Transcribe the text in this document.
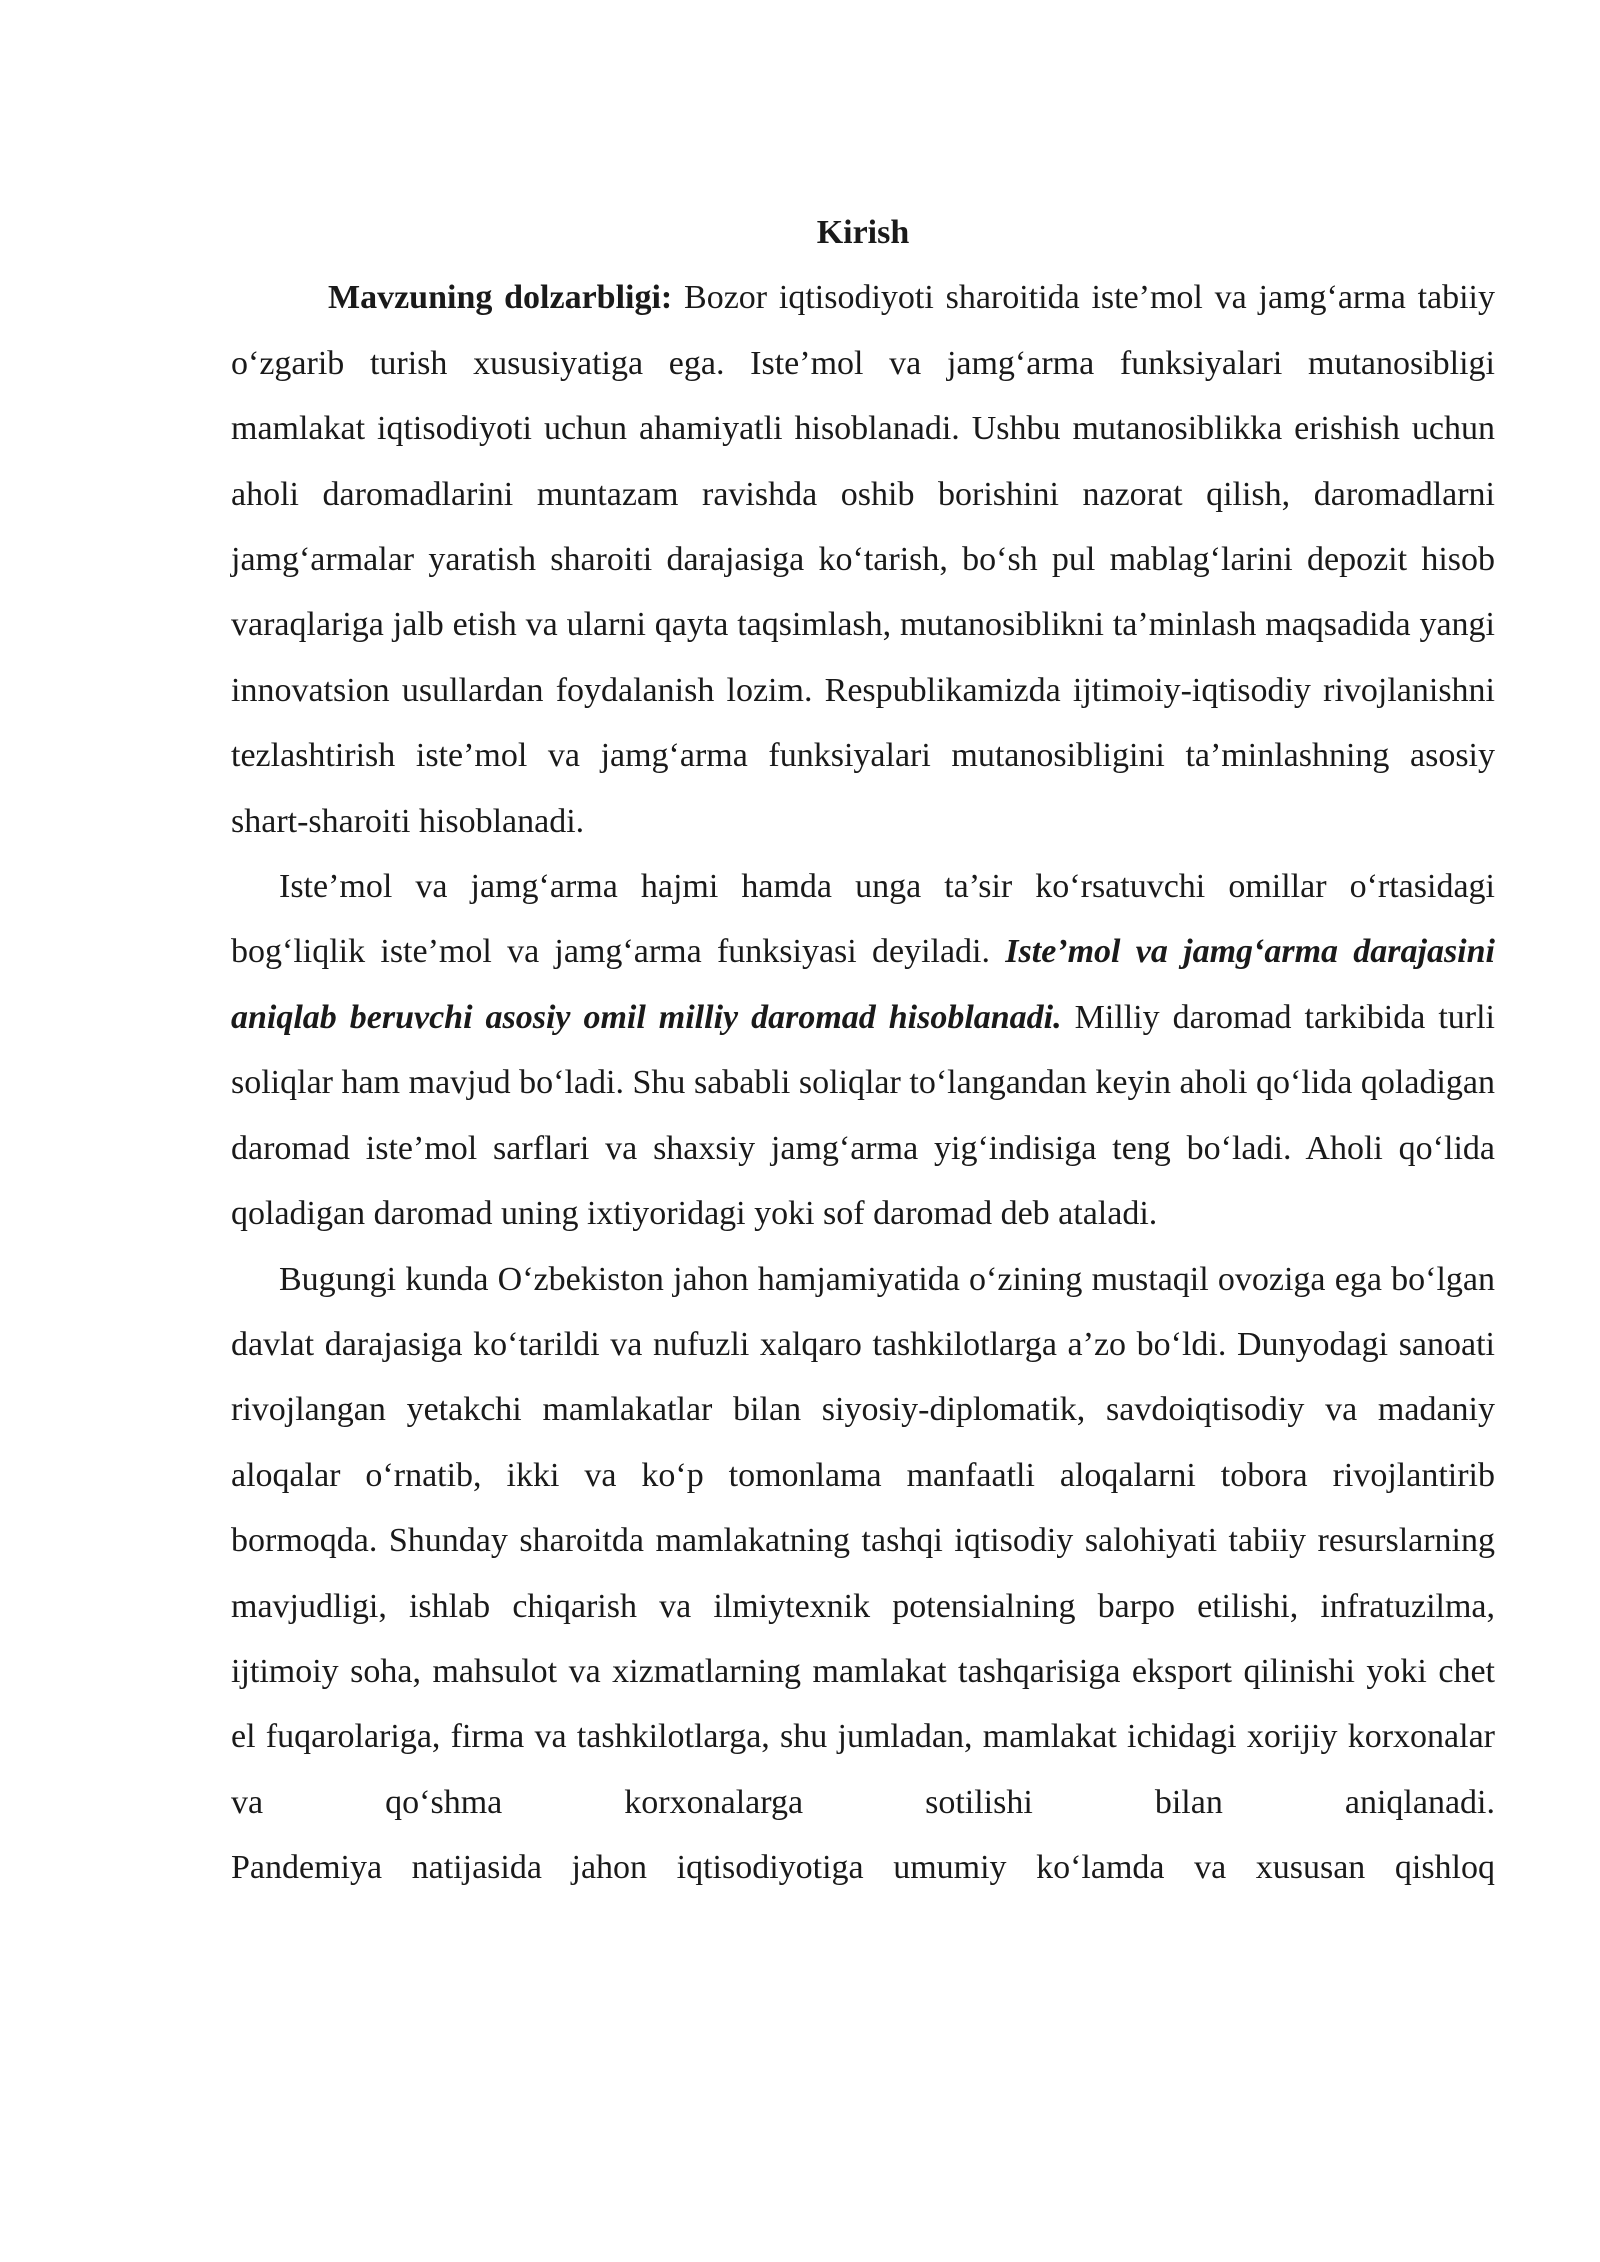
Kirish

Mavzuning dolzarbligi: Bozor iqtisodiyoti sharoitida iste’mol va jamg‘arma tabiiy o‘zgarib turish xususiyatiga ega. Iste’mol va jamg‘arma funksiyalari mutanosibligi mamlakat iqtisodiyoti uchun ahamiyatli hisoblanadi. Ushbu mutanosiblikka erishish uchun aholi daromadlarini muntazam ravishda oshib borishini nazorat qilish, daromadlarni jamg‘armalar yaratish sharoiti darajasiga ko‘tarish, bo‘sh pul mablag‘larini depozit hisob varaqlariga jalb etish va ularni qayta taqsimlash, mutanosiblikni ta’minlash maqsadida yangi innovatsion usullardan foydalanish lozim. Respublikamizda ijtimoiy-iqtisodiy rivojlanishni tezlashtirish iste’mol va jamg‘arma funksiyalari mutanosibligini ta’minlashning asosiy shart-sharoiti hisoblanadi.

Iste’mol va jamg‘arma hajmi hamda unga ta’sir ko‘rsatuvchi omillar o‘rtasidagi bog‘liqlik iste’mol va jamg‘arma funksiyasi deyiladi. Iste’mol va jamg‘arma darajasini aniqlab beruvchi asosiy omil milliy daromad hisoblanadi. Milliy daromad tarkibida turli soliqlar ham mavjud bo‘ladi. Shu sababli soliqlar to‘langandan keyin aholi qo‘lida qoladigan daromad iste’mol sarflari va shaxsiy jamg‘arma yig‘indisiga teng bo‘ladi. Aholi qo‘lida qoladigan daromad uning ixtiyoridagi yoki sof daromad deb ataladi.

Bugungi kunda O‘zbekiston jahon hamjamiyatida o‘zining mustaqil ovoziga ega bo‘lgan davlat darajasiga ko‘tarildi va nufuzli xalqaro tashkilotlarga a’zo bo‘ldi. Dunyodagi sanoati rivojlangan yetakchi mamlakatlar bilan siyosiy-diplomatik, savdoiqtisodiy va madaniy aloqalar o‘rnatib, ikki va ko‘p tomonlama manfaatli aloqalarni tobora rivojlantirib bormoqda. Shunday sharoitda mamlakatning tashqi iqtisodiy salohiyati tabiiy resurslarning mavjudligi, ishlab chiqarish va ilmiytexnik potensialning barpo etilishi, infratuzilma, ijtimoiy soha, mahsulot va xizmatlarning mamlakat tashqarisiga eksport qilinishi yoki chet el fuqarolariga, firma va tashkilotlarga, shu jumladan, mamlakat ichidagi xorijiy korxonalar va qo‘shma korxonalarga sotilishi bilan aniqlanadi.

Pandemiya natijasida jahon iqtisodiyotiga umumiy ko‘lamda va xususan qishloq
